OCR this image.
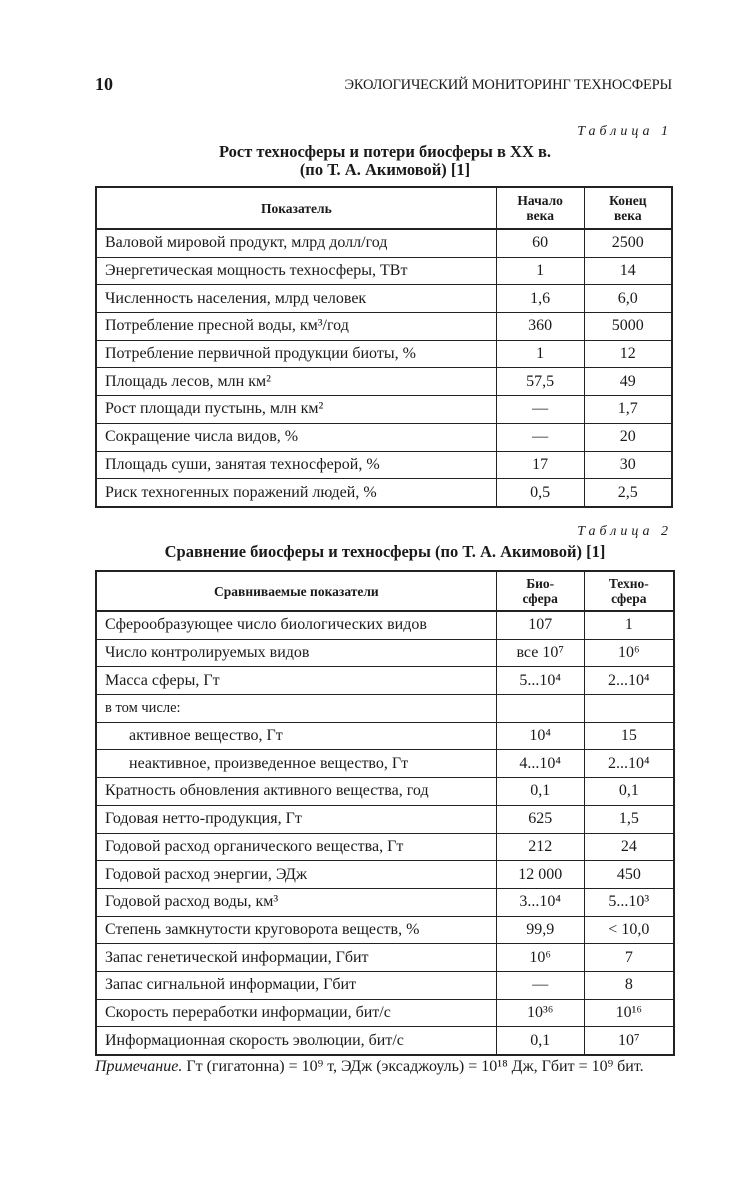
10	ЭКОЛОГИЧЕСКИЙ МОНИТОРИНГ ТЕХНОСФЕРЫ
Таблица 1
Рост техносферы и потери биосферы в XX в.
(по Т. А. Акимовой) [1]
Показатель	Начало века	Конец века
Валовой мировой продукт, млрд долл/год	60	2500
Энергетическая мощность техносферы, ТВт	1	14
Численность населения, млрд человек	1,6	6,0
Потребление пресной воды, км³/год	360	5000
Потребление первичной продукции биоты, %	1	12
Площадь лесов, млн км²	57,5	49
Рост площади пустынь, млн км²	—	1,7
Сокращение числа видов, %	—	20
Площадь суши, занятая техносферой, %	17	30
Риск техногенных поражений людей, %	0,5	2,5
Таблица 2
Сравнение биосферы и техносферы (по Т. А. Акимовой) [1]
Сравниваемые показатели	Био- сфера	Техно- сфера
Сферообразующее число биологических видов	107	1
Число контролируемых видов	все 10⁷	10⁶
Масса сферы, Гт	5...10⁴	2...10⁴
в том числе:		
активное вещество, Гт	10⁴	15
неактивное, произведенное вещество, Гт	4...10⁴	2...10⁴
Кратность обновления активного вещества, год	0,1	0,1
Годовая нетто-продукция, Гт	625	1,5
Годовой расход органического вещества, Гт	212	24
Годовой расход энергии, ЭДж	12 000	450
Годовой расход воды, км³	3...10⁴	5...10³
Степень замкнутости круговорота веществ, %	99,9	< 10,0
Запас генетической информации, Гбит	10⁶	7
Запас сигнальной информации, Гбит	—	8
Скорость переработки информации, бит/с	10³⁶	10¹⁶
Информационная скорость эволюции, бит/с	0,1	10⁷
Примечание. Гт (гигатонна) = 10⁹ т, ЭДж (эксаджоуль) = 10¹⁸ Дж, Гбит = 10⁹ бит.
